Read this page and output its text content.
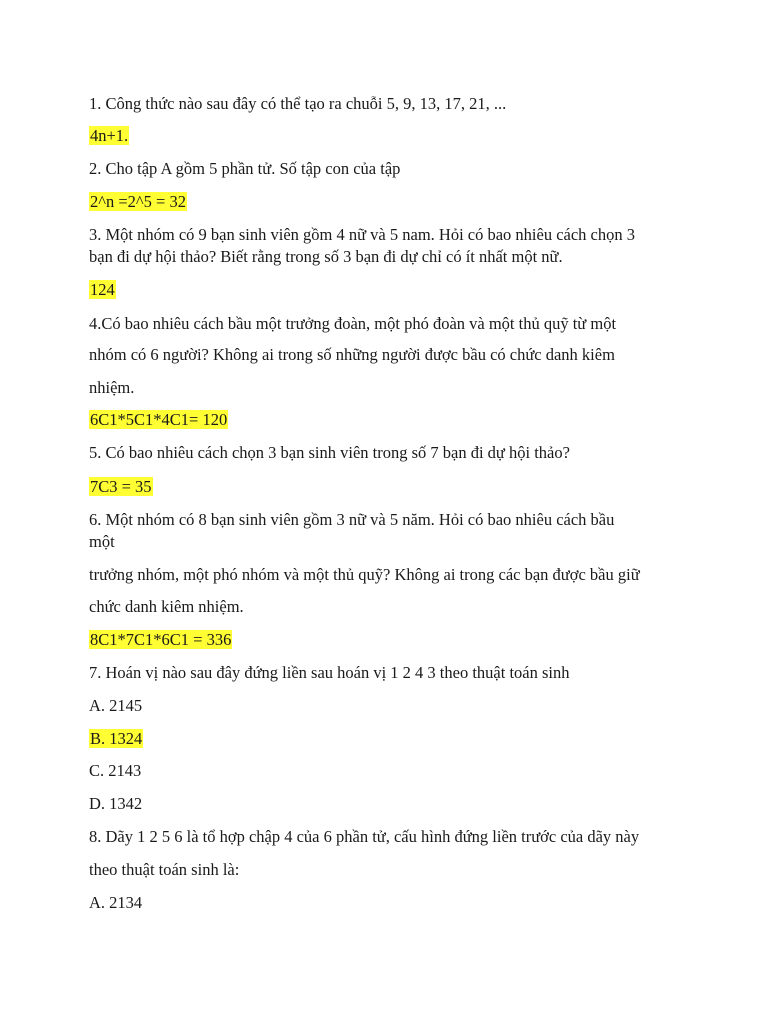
1. Công thức nào sau đây có thể tạo ra chuỗi 5, 9, 13, 17, 21, ...
4n+1.
2. Cho tập A gồm 5 phần tử. Số tập con của tập
2^n =2^5 = 32
3. Một nhóm có 9 bạn sinh viên gồm 4 nữ và 5 nam. Hỏi có bao nhiêu cách chọn 3
bạn đi dự hội thảo? Biết rằng trong số 3 bạn đi dự chỉ có ít nhất một nữ.
124
4.Có bao nhiêu cách bầu một trưởng đoàn, một phó đoàn và một thủ quỹ từ một
nhóm có 6 người? Không ai trong số những người được bầu có chức danh kiêm
nhiệm.
6C1*5C1*4C1= 120
5. Có bao nhiêu cách chọn 3 bạn sinh viên trong số 7 bạn đi dự hội thảo?
7C3 = 35
6. Một nhóm có 8 bạn sinh viên gồm 3 nữ và 5 năm. Hỏi có bao nhiêu cách bầu
một
trưởng nhóm, một phó nhóm và một thủ quỹ? Không ai trong các bạn được bầu giữ
chức danh kiêm nhiệm.
8C1*7C1*6C1 = 336
7. Hoán vị nào sau đây đứng liền sau hoán vị 1 2 4 3 theo thuật toán sinh
A. 2145
B. 1324
C. 2143
D. 1342
8. Dãy 1 2 5 6 là tổ hợp chập 4 của 6 phần tử, cấu hình đứng liền trước của dãy này
theo thuật toán sinh là:
A. 2134
